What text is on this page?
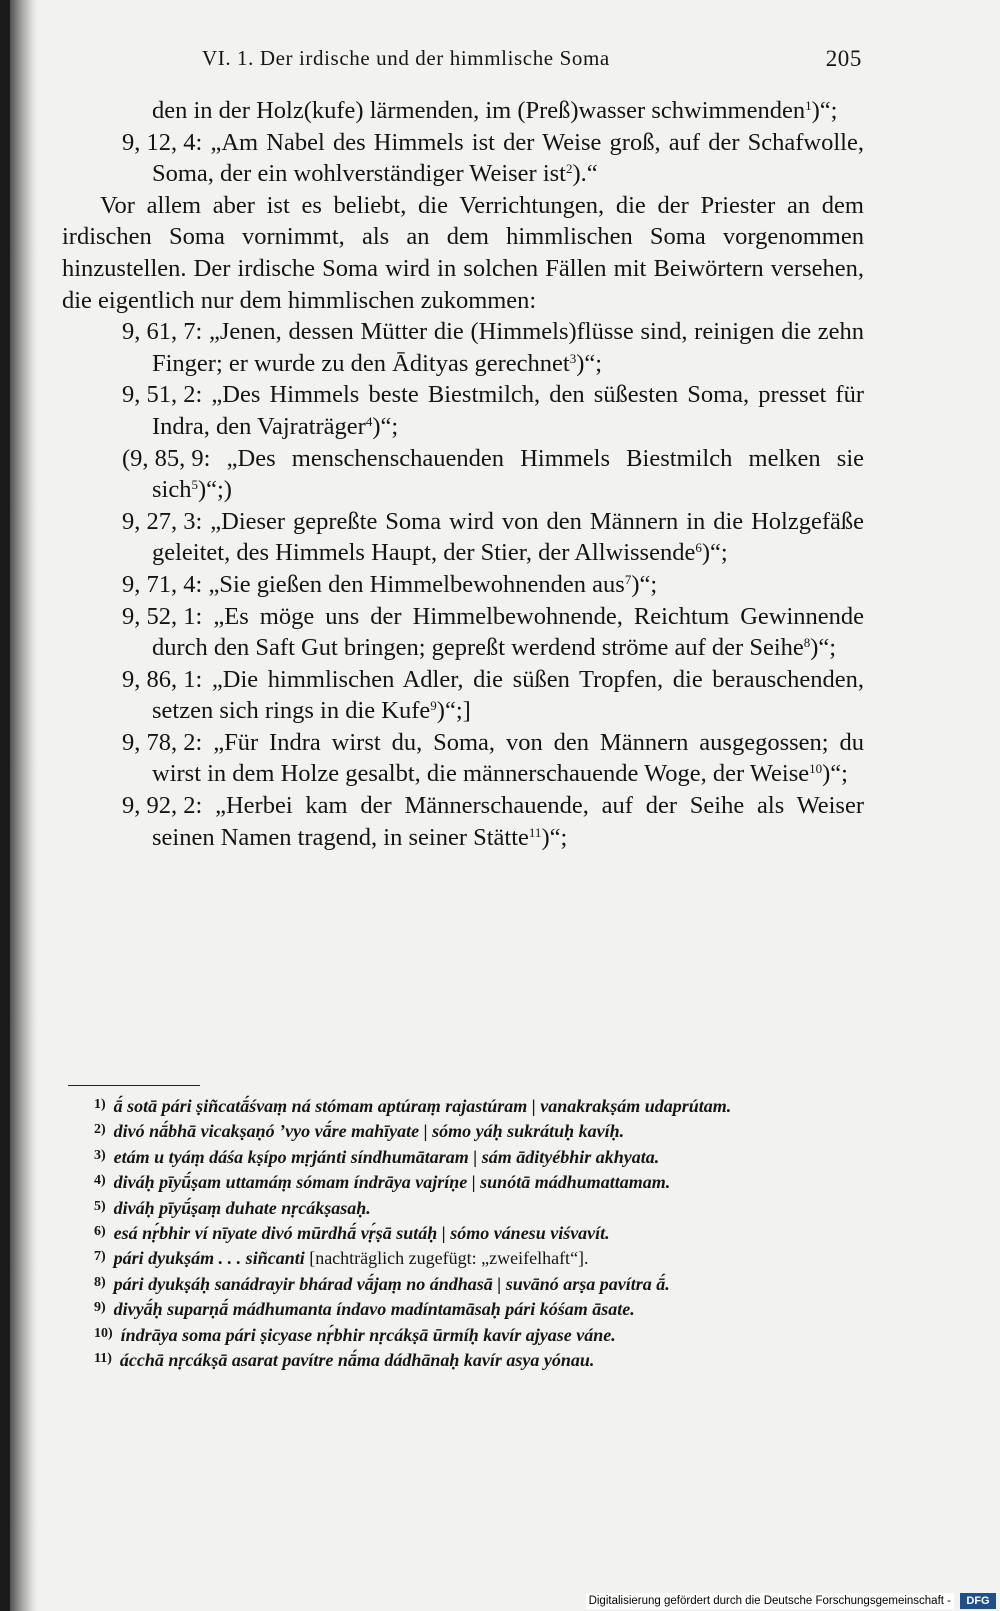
VI. 1. Der irdische und der himmlische Soma	205

den in der Holz(kufe) lärmenden, im (Preß)wasser schwimmenden$^1$)“;

9, 12, 4: „Am Nabel des Himmels ist der Weise groß, auf der Schafwolle, Soma, der ein wohlverständiger Weiser ist$^2$).“

Vor allem aber ist es beliebt, die Verrichtungen, die der Priester an dem irdischen Soma vornimmt, als an dem himmlischen Soma vorgenommen hinzustellen. Der irdische Soma wird in solchen Fällen mit Beiwörtern versehen, die eigentlich nur dem himmlischen zukommen:

9, 61, 7: „Jenen, dessen Mütter die (Himmels)flüsse sind, reinigen die zehn Finger; er wurde zu den Ādityas gerechnet$^3$)“;

9, 51, 2: „Des Himmels beste Biestmilch, den süßesten Soma, presset für Indra, den Vajraträger$^4$)“;

(9, 85, 9: „Des menschenschauenden Himmels Biestmilch melken sie sich$^5$)“;)

9, 27, 3: „Dieser gepreßte Soma wird von den Männern in die Holzgefäße geleitet, des Himmels Haupt, der Stier, der Allwissende$^6$)“;

9, 71, 4: „Sie gießen den Himmelbewohnenden aus$^7$)“;

9, 52, 1: „Es möge uns der Himmelbewohnende, Reichtum Gewinnende durch den Saft Gut bringen; gepreßt werdend ströme auf der Seihe$^8$)“;

9, 86, 1: „Die himmlischen Adler, die süßen Tropfen, die berauschenden, setzen sich rings in die Kufe$^9$)“;]

9, 78, 2: „Für Indra wirst du, Soma, von den Männern ausgegossen; du wirst in dem Holze gesalbt, die männerschauende Woge, der Weise$^{10}$)“;

9, 92, 2: „Herbei kam der Männerschauende, auf der Seihe als Weiser seinen Namen tragend, in seiner Stätte$^{11}$)“;

$^{1)}$ ā́ sotā pári ṣiñcatā́śvaṃ ná stómam aptúraṃ rajastúram | vanakrakṣám udaprútam.

$^{2)}$ divó nā́bhā vicakṣaṇó ’vyo vā́re mahīyate | sómo yáḥ sukrátuḥ kavíḥ.

$^{3)}$ etám u tyáṃ dáśa kṣípo mṛjánti síndhumātaram | sám ādityébhir akhyata.

$^{4)}$ diváḥ pīyū́ṣam uttamáṃ sómam índrāya vajríṇe | sunótā mádhumattamam.

$^{5)}$ diváḥ pīyū́ṣaṃ duhate nṛcákṣasaḥ.

$^{6)}$ esá nṛ́bhir ví nīyate divó mūrdhā́ vṛ́ṣā sutáḥ | sómo vánesu viśvavít.

$^{7)}$ pári dyukṣám . . . siñcanti [nachträglich zugefügt: „zweifelhaft“].

$^{8)}$ pári dyukṣáḥ sanádrayir bhárad vā́jaṃ no ándhasā | suvānó arṣa pavítra ā́.

$^{9)}$ divyā́ḥ suparṇā́ mádhumanta índavo madíntamāsaḥ pári kóśam āsate.

$^{10)}$ índrāya soma pári ṣicyase nṛ́bhir nṛcákṣā ūrmíḥ kavír ajyase váne.

$^{11)}$ ácchā nṛcákṣā asarat pavítre nā́ma dádhānaḥ kavír asya yónau.

Digitalisierung gefördert durch die Deutsche Forschungsgemeinschaft -	DFG
